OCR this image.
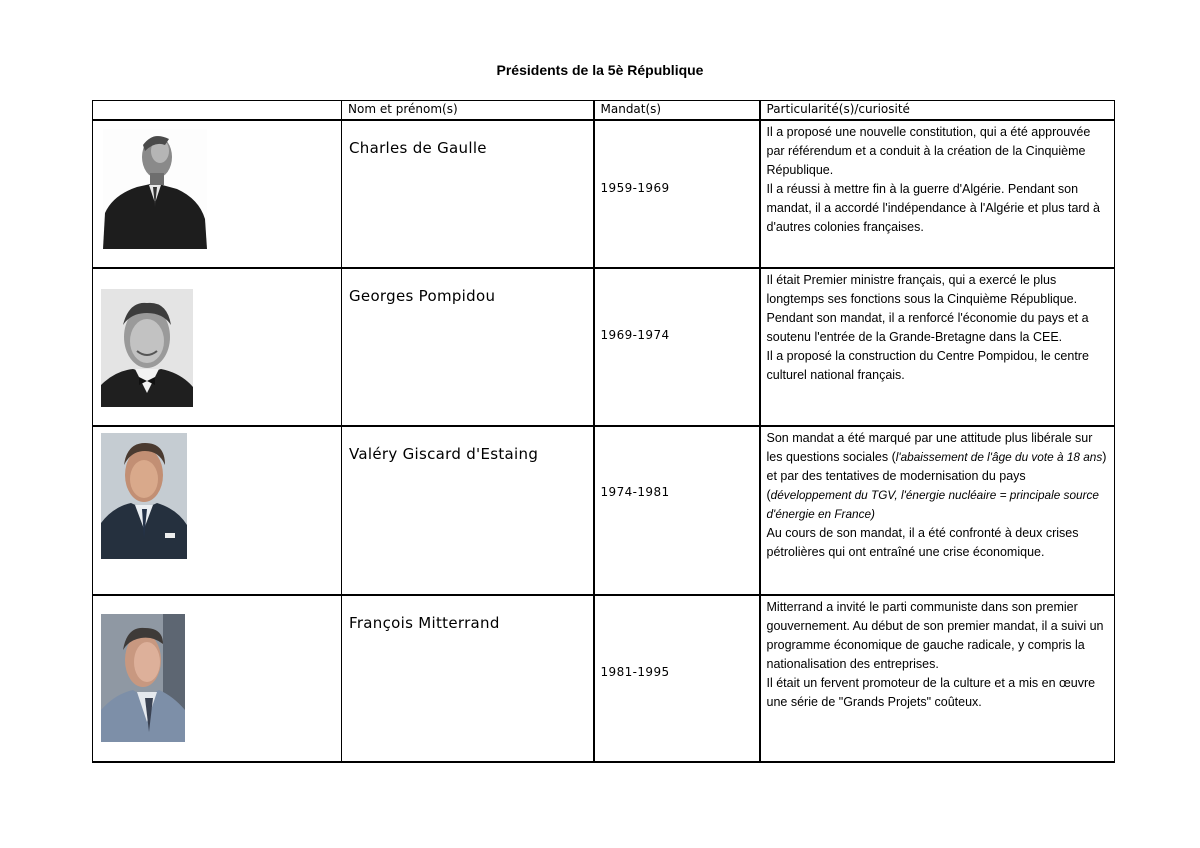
Présidents de la 5è République
	Nom et prénom(s)	Mandat(s)	Particularité(s)/curiosité

Charles de Gaulle	1959-1969	Il a proposé une nouvelle constitution, qui a été approuvée par référendum et a conduit à la création de la Cinquième République.

Il a réussi à mettre fin à la guerre d'Algérie. Pendant son mandat, il a accordé l'indépendance à l'Algérie et plus tard à d'autres colonies françaises.

Georges Pompidou	1969-1974	Il était Premier ministre français, qui a exercé le plus longtemps ses fonctions sous la Cinquième République. Pendant son mandat, il a renforcé l'économie du pays et a soutenu l'entrée de la Grande-Bretagne dans la CEE.

Il a proposé la construction du Centre Pompidou, le centre culturel national français.

Valéry Giscard d'Estaing	1974-1981	Son mandat a été marqué par une attitude plus libérale sur les questions sociales (l'abaissement de l'âge du vote à 18 ans) et par des tentatives de modernisation du pays (développement du TGV, l'énergie nucléaire = principale source d'énergie en France)

Au cours de son mandat, il a été confronté à deux crises pétrolières qui ont entraîné une crise économique.

François Mitterrand	1981-1995	Mitterrand a invité le parti communiste dans son premier gouvernement. Au début de son premier mandat, il a suivi un programme économique de gauche radicale, y compris la nationalisation des entreprises.

Il était un fervent promoteur de la culture et a mis en œuvre une série de "Grands Projets" coûteux.
